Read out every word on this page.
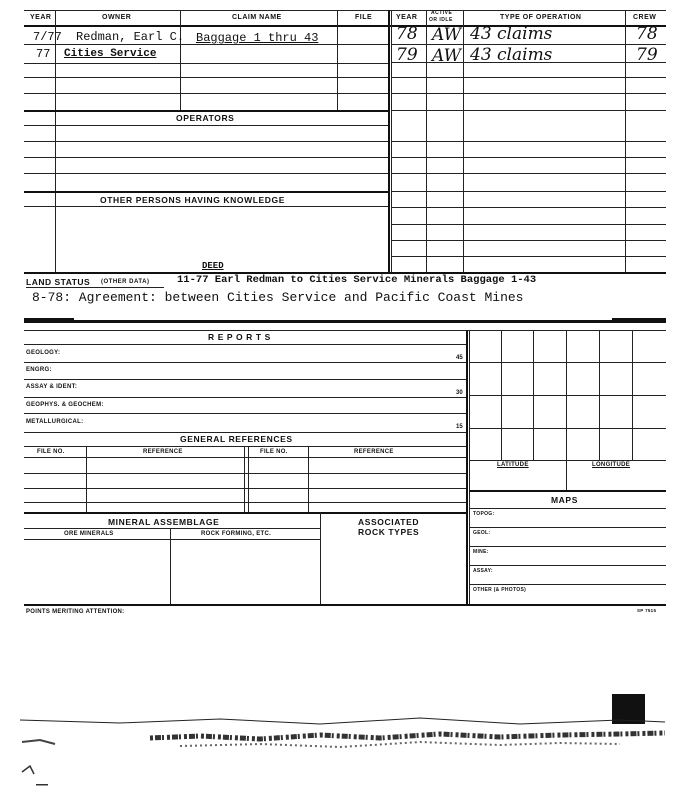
YEAR	OWNER	CLAIM NAME	FILE	YEAR
ACTIVE
OR IDLE	TYPE OF OPERATION	CREW
7/77 Redman, Earl C. Baggage 1 thru 43
77 Cities Service
78 AW 43 claims	78
79 AW 43 claims	79
OPERATORS
OTHER PERSONS HAVING KNOWLEDGE
DEED
LAND STATUS (OTHER DATA)	11-77 Earl Redman to Cities Service Minerals Baggage 1-43
8-78: Agreement: between Cities Service and Pacific Coast Mines
R E P O R T S
GEOLOGY:
45
ENGRG:
ASSAY & IDENT:
30
GEOPHYS. & GEOCHEM:
METALLURGICAL:
15
GENERAL REFERENCES
FILE NO.	REFERENCE	FILE NO.	REFERENCE
LATITUDE	LONGITUDE
MAPS
TOPOG:
GEOL:
MINE:
ASSAY:
OTHER (& PHOTOS)
MINERAL ASSEMBLAGE	ASSOCIATED
ROCK TYPES
ORE MINERALS	ROCK FORMING, ETC.
POINTS MERITING ATTENTION:	SP 7515
